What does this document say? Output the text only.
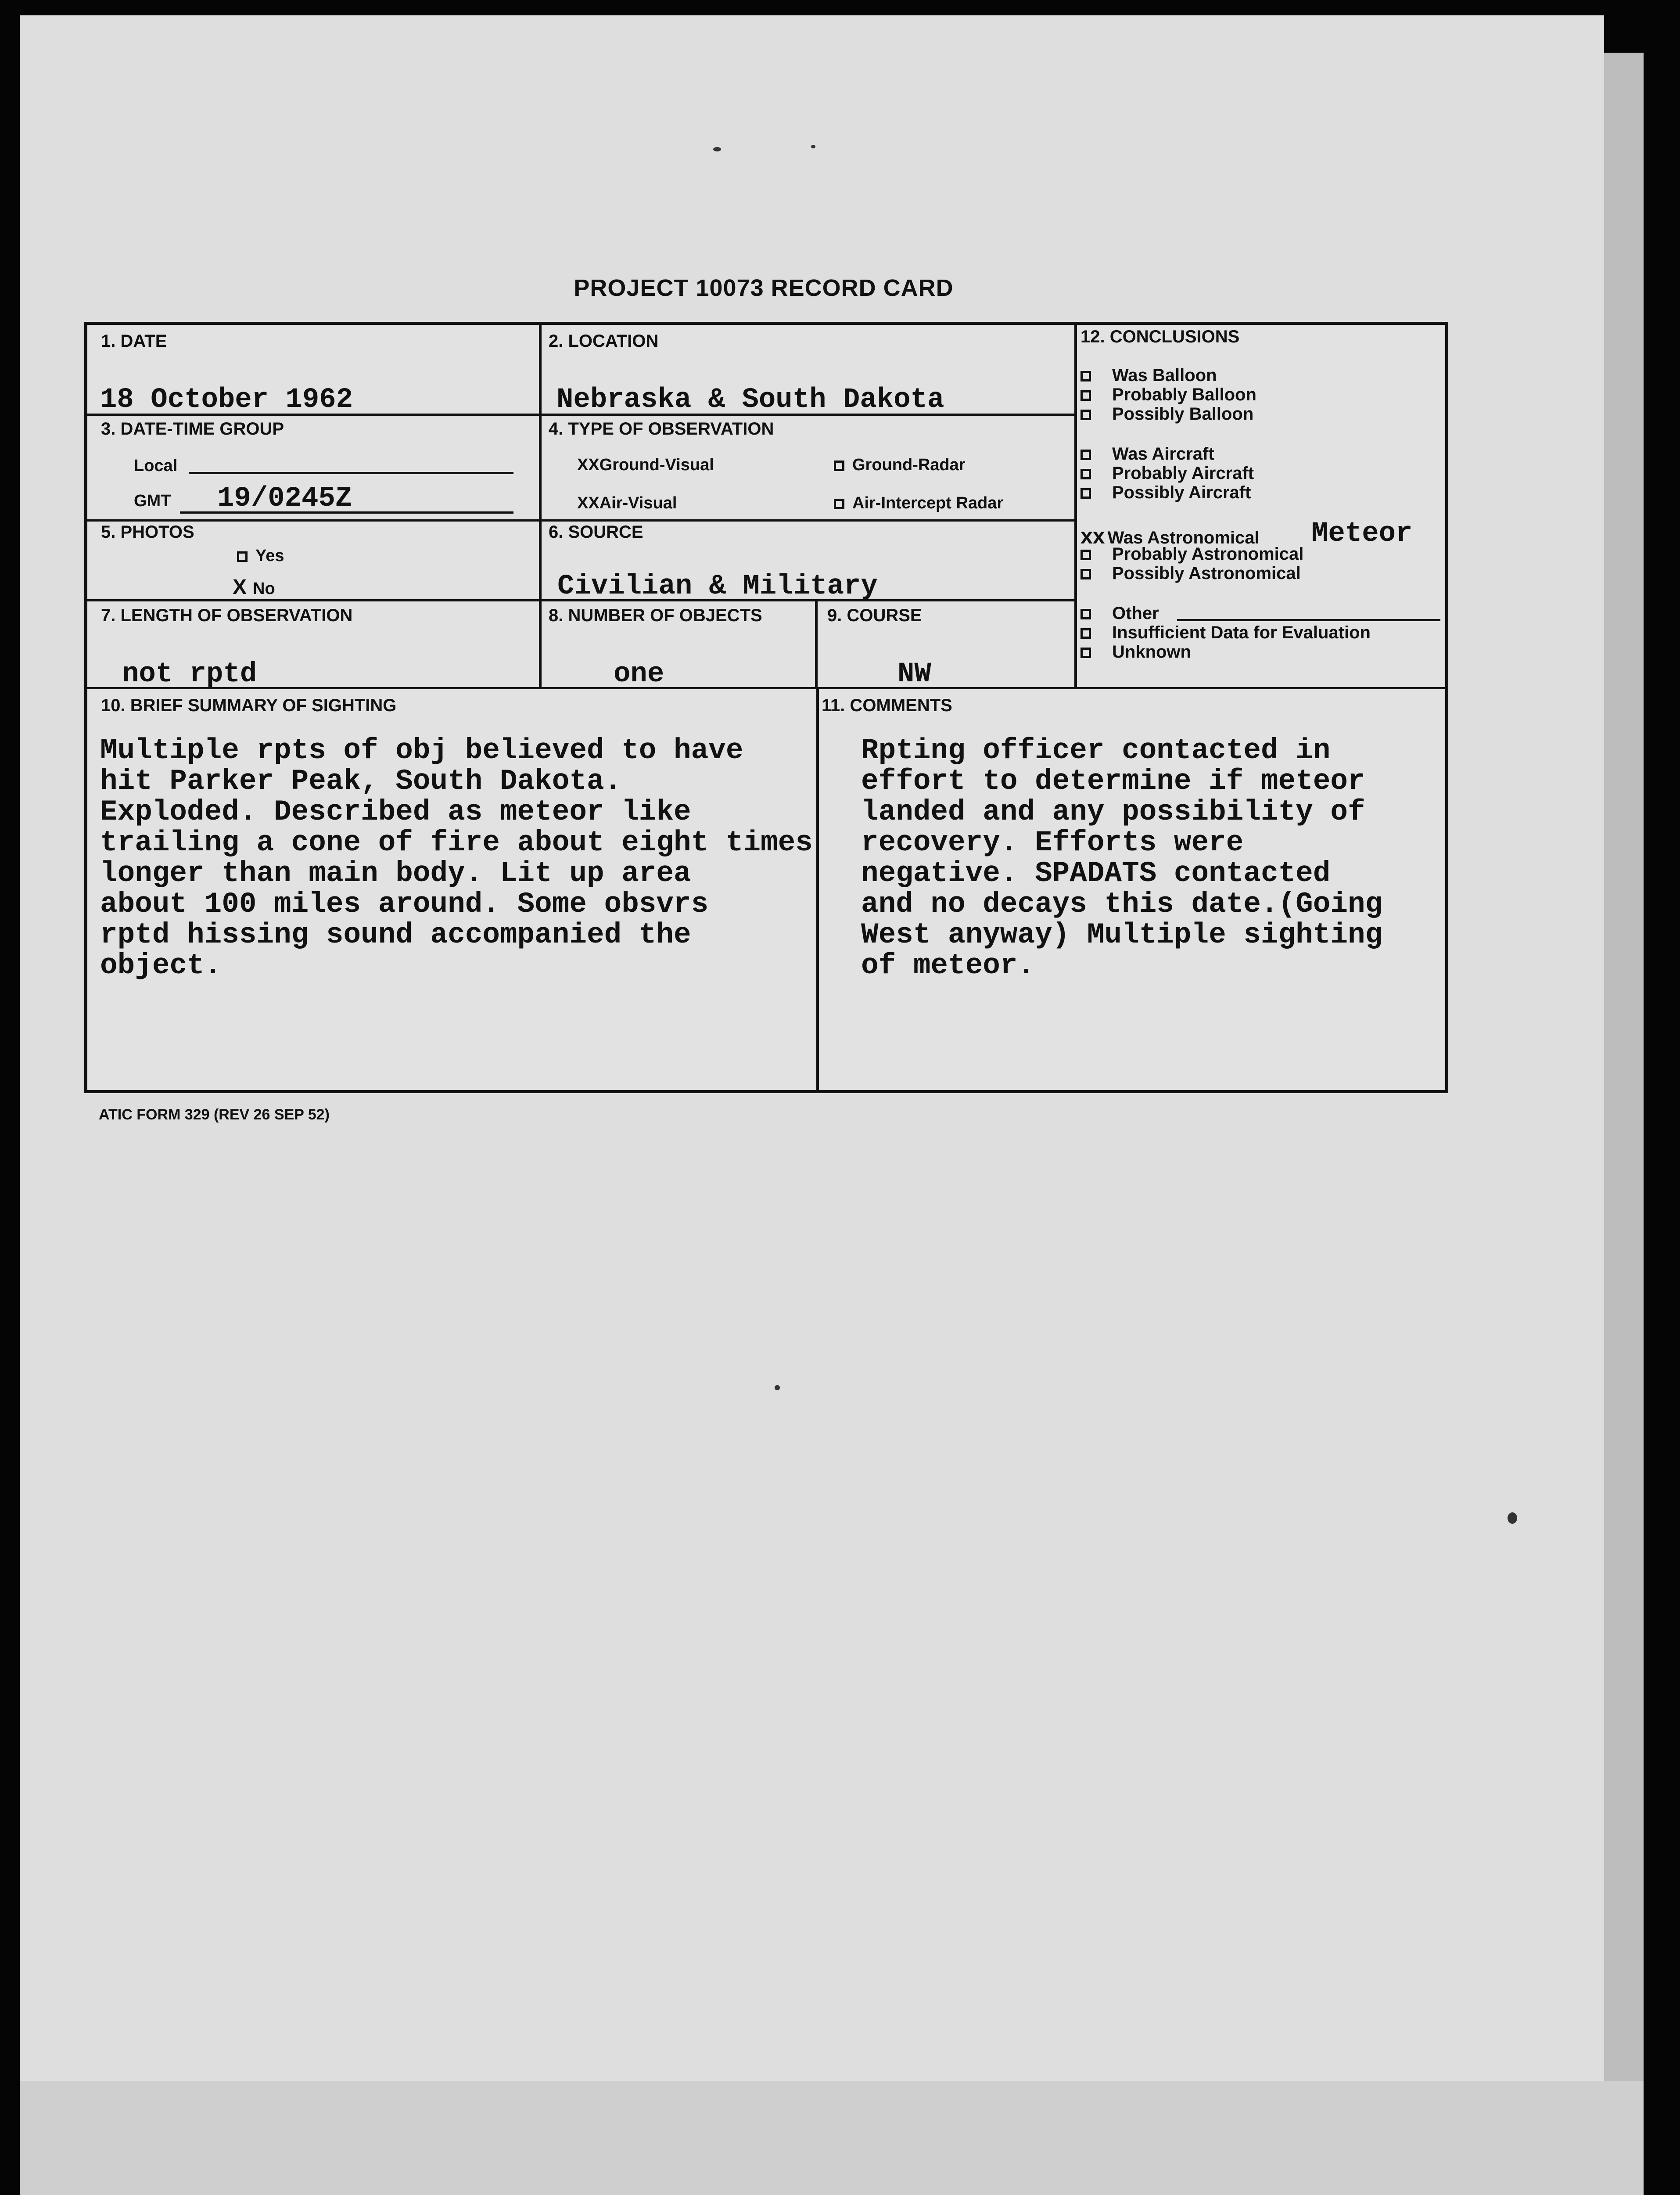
PROJECT 10073 RECORD CARD
1. DATE
18 October 1962
2. LOCATION
Nebraska & South Dakota
3. DATE-TIME GROUP
Local
GMT 19/0245Z
4. TYPE OF OBSERVATION
XXGround-Visual
XXAir-Visual
Ground-Radar
Air-Intercept Radar
5. PHOTOS
Yes
X No
6. SOURCE
Civilian & Military
7. LENGTH OF OBSERVATION
not rptd
8. NUMBER OF OBJECTS
one
9. COURSE
NW
12. CONCLUSIONS
Was Balloon
Probably Balloon
Possibly Balloon
Was Aircraft
Probably Aircraft
Possibly Aircraft
xx Was Astronomical Meteor
Probably Astronomical
Possibly Astronomical
Other
Insufficient Data for Evaluation
Unknown
10. BRIEF SUMMARY OF SIGHTING
Multiple rpts of obj believed to have
hit Parker Peak, South Dakota.
Exploded. Described as meteor like
trailing a cone of fire about eight times
longer than main body. Lit up area
about 100 miles around. Some obsvrs
rptd hissing sound accompanied the
object.
11. COMMENTS
Rpting officer contacted in
effort to determine if meteor
landed and any possibility of
recovery. Efforts were
negative. SPADATS contacted
and no decays this date.(Going
West anyway) Multiple sighting
of meteor.
ATIC FORM 329 (REV 26 SEP 52)
